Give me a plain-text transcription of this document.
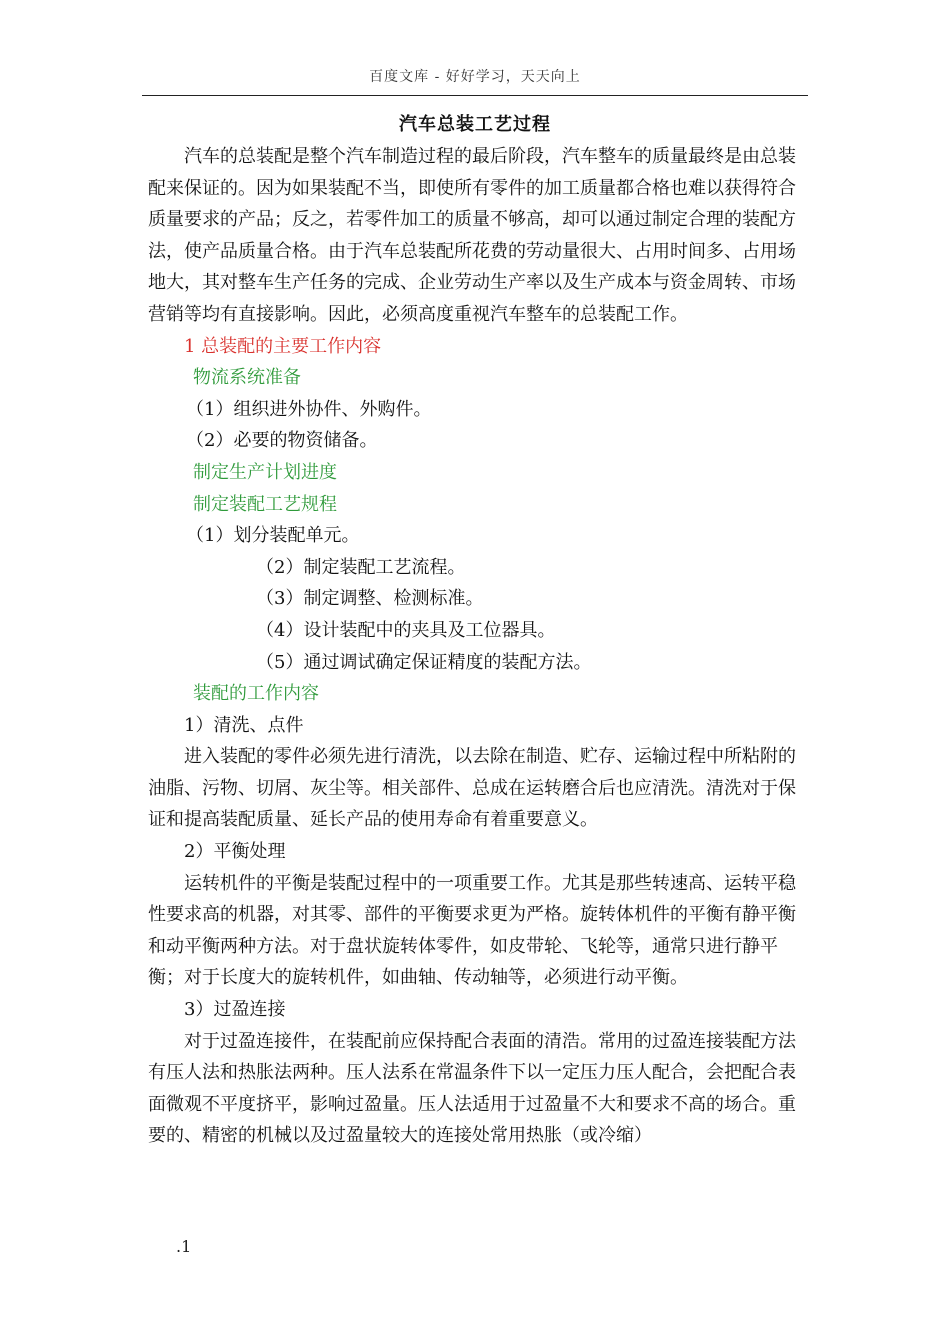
百度文库 - 好好学习，天天向上
汽车总装工艺过程

汽车的总装配是整个汽车制造过程的最后阶段，汽车整车的质量最终是由总装配来保证的。因为如果装配不当，即使所有零件的加工质量都合格也难以获得符合质量要求的产品；反之，若零件加工的质量不够高，却可以通过制定合理的装配方法，使产品质量合格。由于汽车总装配所花费的劳动量很大、占用时间多、占用场地大，其对整车生产任务的完成、企业劳动生产率以及生产成本与资金周转、市场营销等均有直接影响。因此，必须高度重视汽车整车的总装配工作。

1 总装配的主要工作内容

物流系统准备

（1）组织进外协件、外购件。

（2）必要的物资储备。

制定生产计划进度

制定装配工艺规程

（1）划分装配单元。

（2）制定装配工艺流程。

（3）制定调整、检测标准。

（4）设计装配中的夹具及工位器具。

（5）通过调试确定保证精度的装配方法。

装配的工作内容

1）清洗、点件

进入装配的零件必须先进行清洗，以去除在制造、贮存、运输过程中所粘附的油脂、污物、切屑、灰尘等。相关部件、总成在运转磨合后也应清洗。清洗对于保证和提高装配质量、延长产品的使用寿命有着重要意义。

2）平衡处理

运转机件的平衡是装配过程中的一项重要工作。尤其是那些转速高、运转平稳性要求高的机器，对其零、部件的平衡要求更为严格。旋转体机件的平衡有静平衡和动平衡两种方法。对于盘状旋转体零件，如皮带轮、飞轮等，通常只进行静平衡；对于长度大的旋转机件，如曲轴、传动轴等，必须进行动平衡。

3）过盈连接

对于过盈连接件，在装配前应保持配合表面的清浩。常用的过盈连接装配方法有压人法和热胀法两种。压人法系在常温条件下以一定压力压人配合，会把配合表面微观不平度挤平，影响过盈量。压人法适用于过盈量不大和要求不高的场合。重要的、精密的机械以及过盈量较大的连接处常用热胀（或冷缩）

.1
